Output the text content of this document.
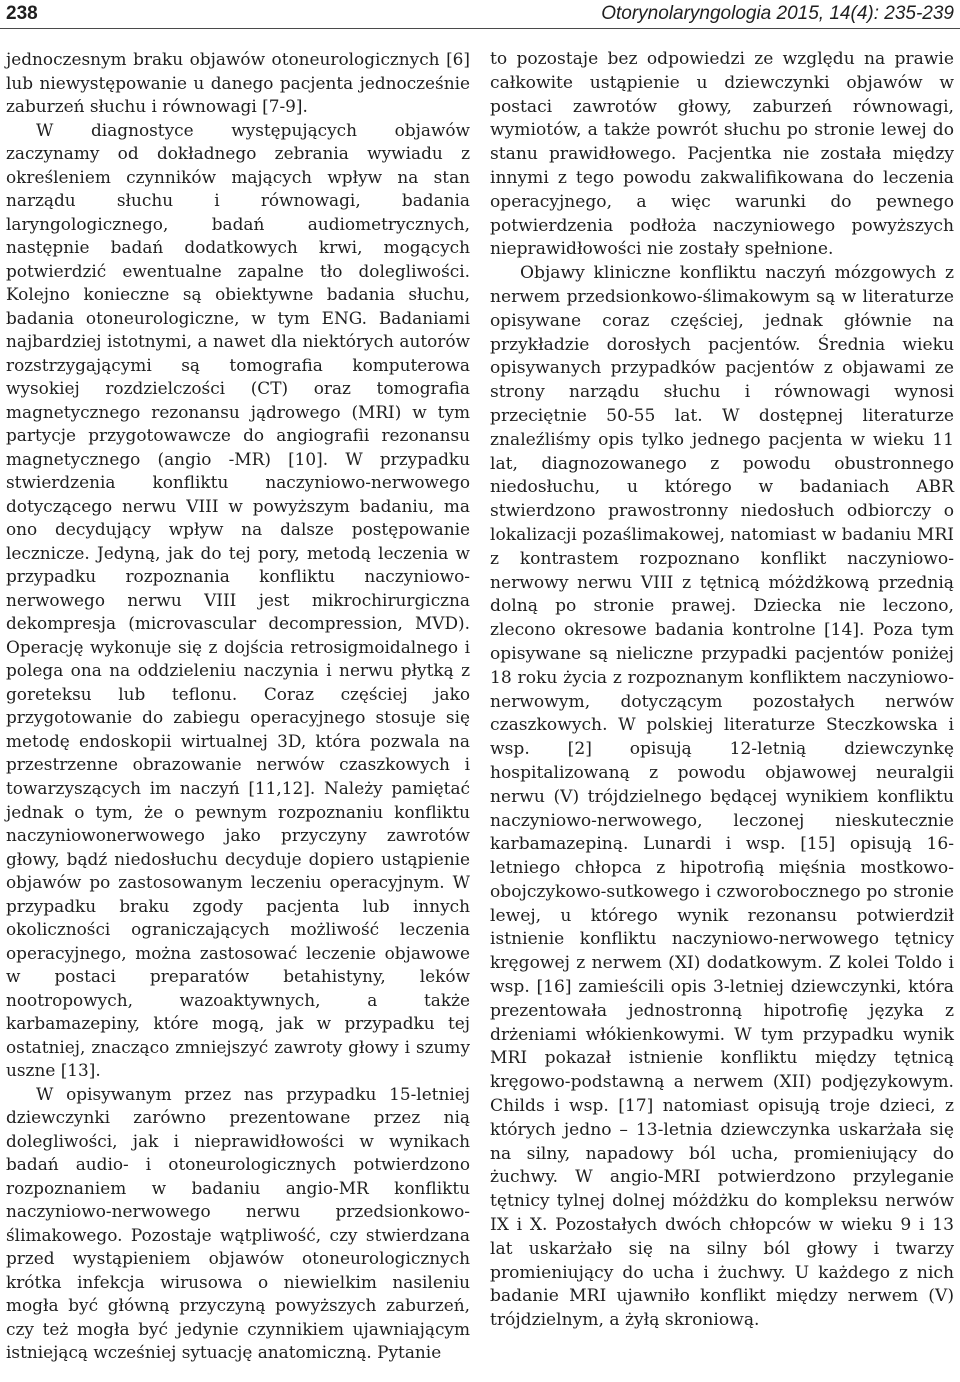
238	Otorynolaryngologia 2015, 14(4): 235-239

jednoczesnym braku objawów otoneurologicznych [6] lub niewystępowanie u danego pacjenta jednocześnie zaburzeń słuchu i równowagi [7-9].

W diagnostyce występujących objawów zaczynamy od dokładnego zebrania wywiadu z określeniem czynników mających wpływ na stan narządu słuchu i równowagi, badania laryngologicznego, badań audiometrycznych, następnie badań dodatkowych krwi, mogących potwierdzić ewentualne zapalne tło dolegliwości. Kolejno konieczne są obiektywne badania słuchu, badania otoneurologiczne, w tym ENG. Badaniami najbardziej istotnymi, a nawet dla niektórych autorów rozstrzygającymi są tomografia komputerowa wysokiej rozdzielczości (CT) oraz tomografia magnetycznego rezonansu jądrowego (MRI) w tym partycje przygotowawcze do angiografii rezonansu magnetycznego (angio -MR) [10]. W przypadku stwierdzenia konfliktu naczyniowo-nerwowego dotyczącego nerwu VIII w powyższym badaniu, ma ono decydujący wpływ na dalsze postępowanie lecznicze. Jedyną, jak do tej pory, metodą leczenia w przypadku rozpoznania konfliktu naczyniowo-nerwowego nerwu VIII jest mikrochirurgiczna dekompresja (microvascular decompression, MVD). Operację wykonuje się z dojścia retrosigmoidalnego i polega ona na oddzieleniu naczynia i nerwu płytką z goreteksu lub teflonu. Coraz częściej jako przygotowanie do zabiegu operacyjnego stosuje się metodę endoskopii wirtualnej 3D, która pozwala na przestrzenne obrazowanie nerwów czaszkowych i towarzyszących im naczyń [11,12]. Należy pamiętać jednak o tym, że o pewnym rozpoznaniu konfliktu naczyniowonerwowego jako przyczyny zawrotów głowy, bądź niedosłuchu decyduje dopiero ustąpienie objawów po zastosowanym leczeniu operacyjnym. W przypadku braku zgody pacjenta lub innych okoliczności ograniczających możliwość leczenia operacyjnego, można zastosować leczenie objawowe w postaci preparatów betahistyny, leków nootropowych, wazoaktywnych, a także karbamazepiny, które mogą, jak w przypadku tej ostatniej, znacząco zmniejszyć zawroty głowy i szumy uszne [13].

W opisywanym przez nas przypadku 15-letniej dziewczynki zarówno prezentowane przez nią dolegliwości, jak i nieprawidłowości w wynikach badań audio- i otoneurologicznych potwierdzono rozpoznaniem w badaniu angio-MR konfliktu naczyniowo-nerwowego nerwu przedsionkowo-ślimakowego. Pozostaje wątpliwość, czy stwierdzana przed wystąpieniem objawów otoneurologicznych krótka infekcja wirusowa o niewielkim nasileniu mogła być główną przyczyną powyższych zaburzeń, czy też mogła być jedynie czynnikiem ujawniającym istniejącą wcześniej sytuację anatomiczną. Pytanie

to pozostaje bez odpowiedzi ze względu na prawie całkowite ustąpienie u dziewczynki objawów w postaci zawrotów głowy, zaburzeń równowagi, wymiotów, a także powrót słuchu po stronie lewej do stanu prawidłowego. Pacjentka nie została między innymi z tego powodu zakwalifikowana do leczenia operacyjnego, a więc warunki do pewnego potwierdzenia podłoża naczyniowego powyższych nieprawidłowości nie zostały spełnione.

Objawy kliniczne konfliktu naczyń mózgowych z nerwem przedsionkowo-ślimakowym są w literaturze opisywane coraz częściej, jednak głównie na przykładzie dorosłych pacjentów. Średnia wieku opisywanych przypadków pacjentów z objawami ze strony narządu słuchu i równowagi wynosi przeciętnie 50-55 lat. W dostępnej literaturze znaleźliśmy opis tylko jednego pacjenta w wieku 11 lat, diagnozowanego z powodu obustronnego niedosłuchu, u którego w badaniach ABR stwierdzono prawostronny niedosłuch odbiorczy o lokalizacji pozaślimakowej, natomiast w badaniu MRI z kontrastem rozpoznano konflikt naczyniowo-nerwowy nerwu VIII z tętnicą móżdżkową przednią dolną po stronie prawej. Dziecka nie leczono, zlecono okresowe badania kontrolne [14]. Poza tym opisywane są nieliczne przypadki pacjentów poniżej 18 roku życia z rozpoznanym konfliktem naczyniowo-nerwowym, dotyczącym pozostałych nerwów czaszkowych. W polskiej literaturze Steczkowska i wsp. [2] opisują 12-letnią dziewczynkę hospitalizowaną z powodu objawowej neuralgii nerwu (V) trójdzielnego będącej wynikiem konfliktu naczyniowo-nerwowego, leczonej nieskutecznie karbamazepiną. Lunardi i wsp. [15] opisują 16-letniego chłopca z hipotrofią mięśnia mostkowo-obojczykowo-sutkowego i czworobocznego po stronie lewej, u którego wynik rezonansu potwierdził istnienie konfliktu naczyniowo-nerwowego tętnicy kręgowej z nerwem (XI) dodatkowym. Z kolei Toldo i wsp. [16] zamieścili opis 3-letniej dziewczynki, która prezentowała jednostronną hipotrofię języka z drżeniami włókienkowymi. W tym przypadku wynik MRI pokazał istnienie konfliktu między tętnicą kręgowo-podstawną a nerwem (XII) podjęzykowym. Childs i wsp. [17] natomiast opisują troje dzieci, z których jedno – 13-letnia dziewczynka uskarżała się na silny, napadowy ból ucha, promieniujący do żuchwy. W angio-MRI potwierdzono przyleganie tętnicy tylnej dolnej móżdżku do kompleksu nerwów IX i X. Pozostałych dwóch chłopców w wieku 9 i 13 lat uskarżało się na silny ból głowy i twarzy promieniujący do ucha i żuchwy. U każdego z nich badanie MRI ujawniło konflikt między nerwem (V) trójdzielnym, a żyłą skroniową.
